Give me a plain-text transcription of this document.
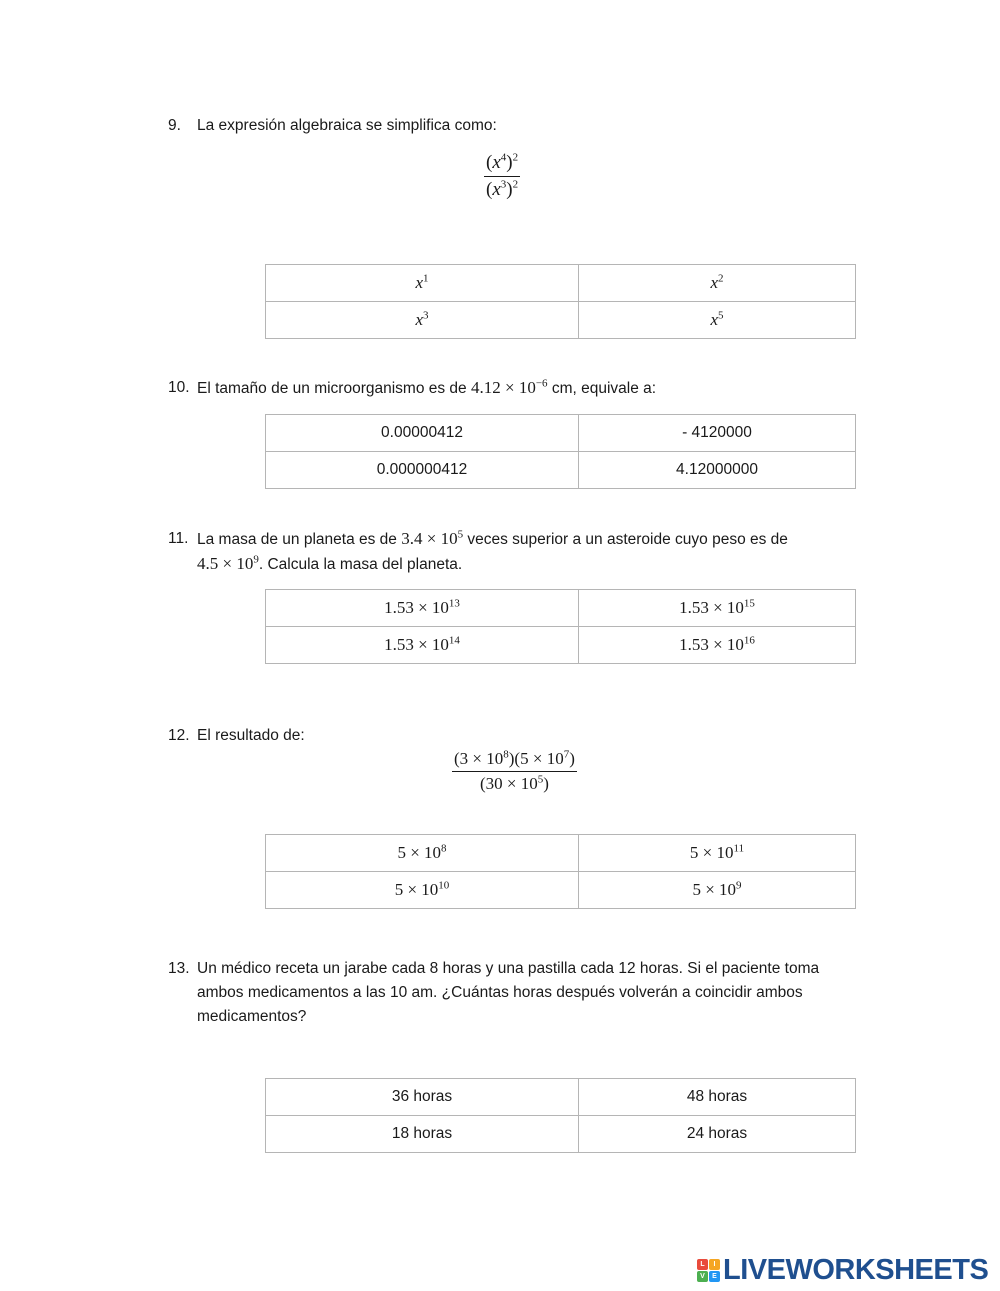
9.	La expresión algebraica se simplifica como:
$\frac{(x^4)^2}{(x^3)^2}$
$x^1$	$x^2$
$x^3$	$x^5$
10. El tamaño de un microorganismo es de $4.12 \times 10^{-6}$ cm, equivale a:
0.00000412	- 4120000
0.000000412	4.12000000
11. La masa de un planeta es de $3.4 \times 10^5$ veces superior a un asteroide cuyo peso es de
$4.5 \times 10^9$. Calcula la masa del planeta.
$1.53 \times 10^{13}$	$1.53 \times 10^{15}$
$1.53 \times 10^{14}$	$1.53 \times 10^{16}$
12. El resultado de:
$\frac{(3 \times 10^8)(5 \times 10^7)}{(30 \times 10^5)}$
$5 \times 10^8$	$5 \times 10^{11}$
$5 \times 10^{10}$	$5 \times 10^9$
13. Un médico receta un jarabe cada 8 horas y una pastilla cada 12 horas. Si el paciente toma
ambos medicamentos a las 10 am. ¿Cuántas horas después volverán a coincidir ambos
medicamentos?
36 horas	48 horas
18 horas	24 horas
L	I
V	E LIVEWORKSHEETS
